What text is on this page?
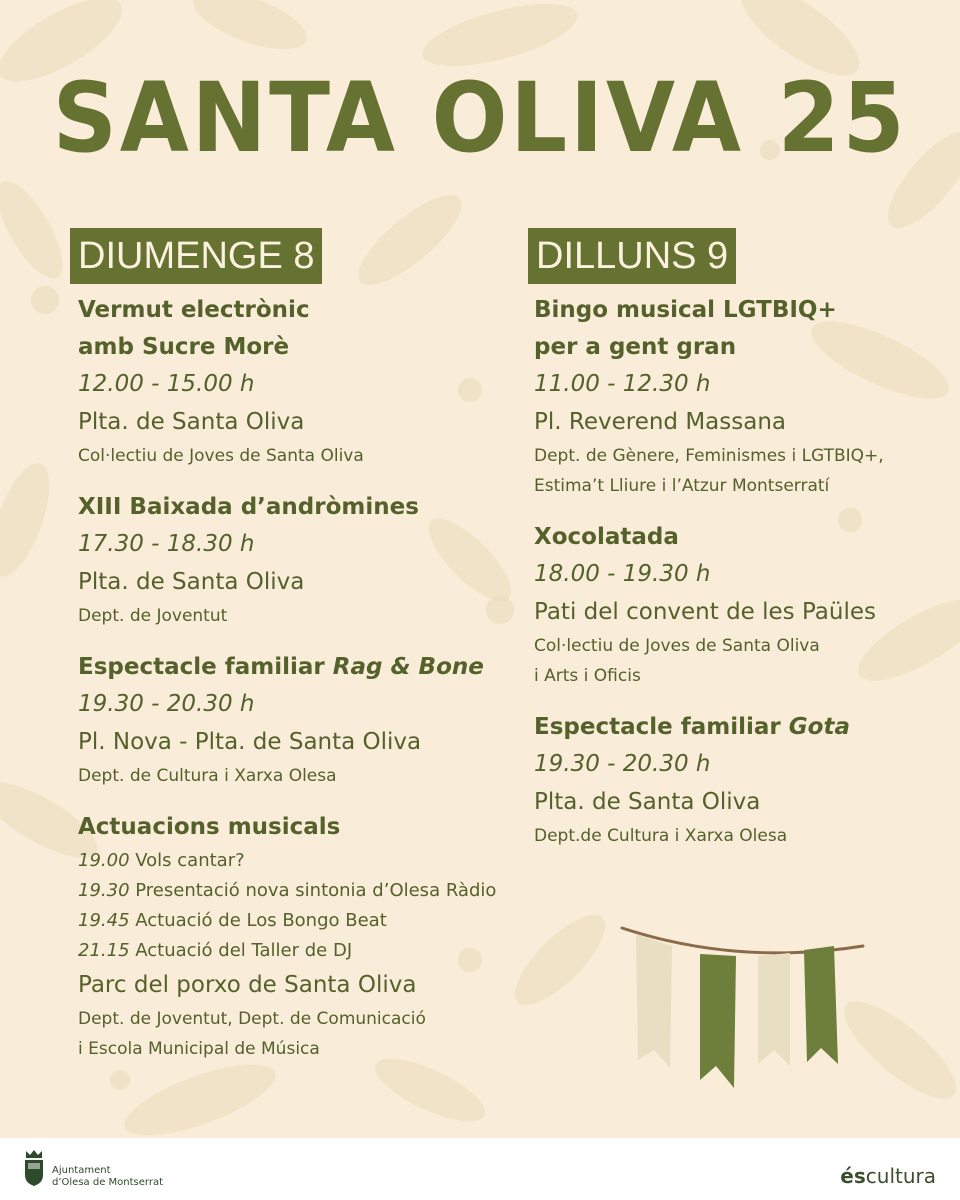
SANTA OLIVA 25
DIUMENGE 8
Vermut electrònic
amb Sucre Morè
12.00 - 15.00 h
Plta. de Santa Oliva
Col·lectiu de Joves de Santa Oliva
XIII Baixada d’andròmines
17.30 - 18.30 h
Plta. de Santa Oliva
Dept. de Joventut
Espectacle familiar Rag & Bone
19.30 - 20.30 h
Pl. Nova - Plta. de Santa Oliva
Dept. de Cultura i Xarxa Olesa
Actuacions musicals
19.00 Vols cantar?
19.30 Presentació nova sintonia d’Olesa Ràdio
19.45 Actuació de Los Bongo Beat
21.15 Actuació del Taller de DJ
Parc del porxo de Santa Oliva
Dept. de Joventut, Dept. de Comunicació
i Escola Municipal de Música
DILLUNS 9
Bingo musical LGTBIQ+
per a gent gran
11.00 - 12.30 h
Pl. Reverend Massana
Dept. de Gènere, Feminismes i LGTBIQ+,
Estima’t Lliure i l’Atzur Montserratí
Xocolatada
18.00 - 19.30 h
Pati del convent de les Paüles
Col·lectiu de Joves de Santa Oliva
i Arts i Oficis
Espectacle familiar Gota
19.30 - 20.30 h
Plta. de Santa Oliva
Dept.de Cultura i Xarxa Olesa
Ajuntament
d’Olesa de Montserrat	éscultura
